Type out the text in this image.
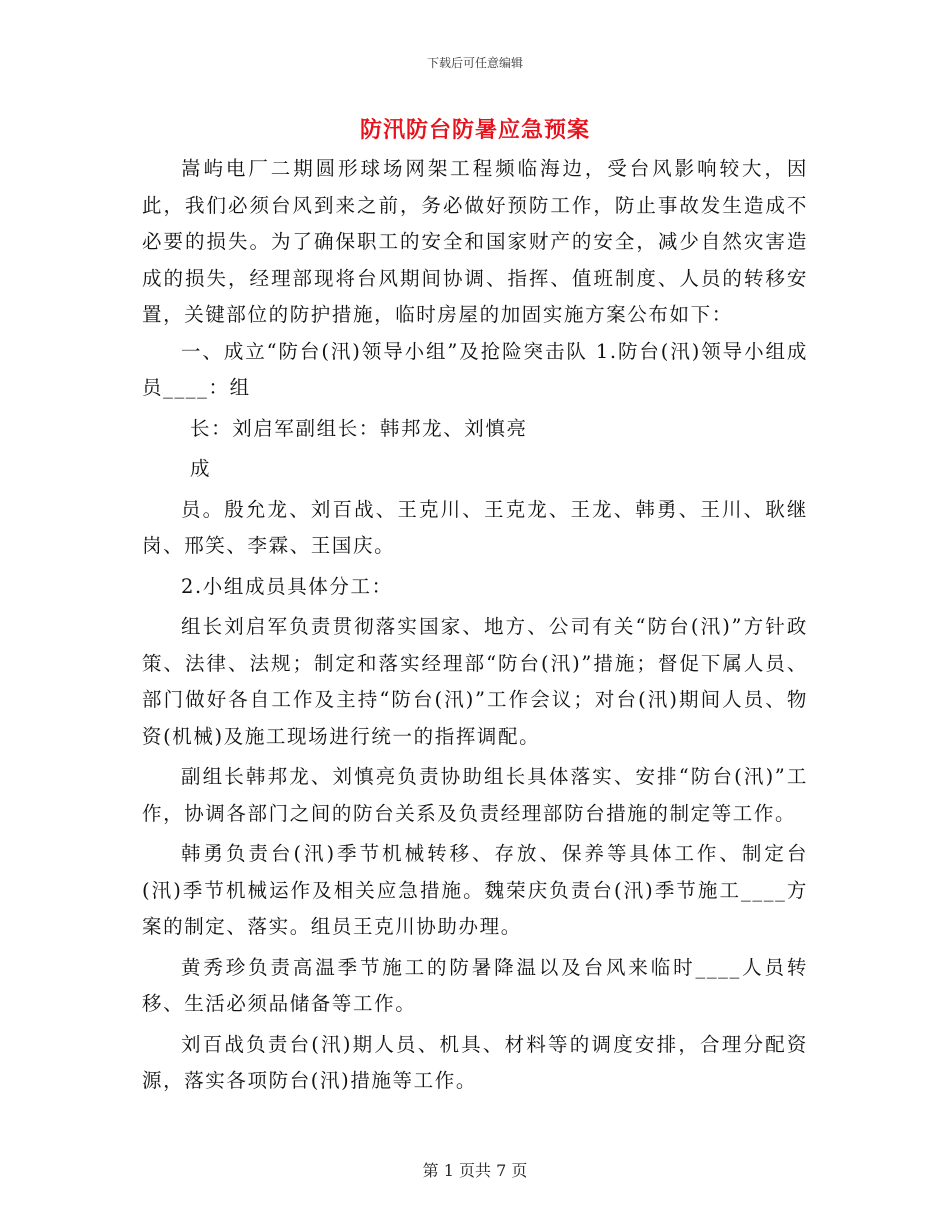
下载后可任意编辑
防汛防台防暑应急预案

嵩屿电厂二期圆形球场网架工程频临海边，受台风影响较大，因此，我们必须台风到来之前，务必做好预防工作，防止事故发生造成不必要的损失。为了确保职工的安全和国家财产的安全，减少自然灾害造成的损失，经理部现将台风期间协调、指挥、值班制度、人员的转移安置，关键部位的防护措施，临时房屋的加固实施方案公布如下：

一、成立“防台(汛)领导小组”及抢险突击队 1.防台(汛)领导小组成员____：组

长：刘启军副组长：韩邦龙、刘慎亮

成

员。殷允龙、刘百战、王克川、王克龙、王龙、韩勇、王川、耿继岗、邢笑、李霖、王国庆。

2.小组成员具体分工：

组长刘启军负责贯彻落实国家、地方、公司有关“防台(汛)”方针政策、法律、法规；制定和落实经理部“防台(汛)”措施；督促下属人员、部门做好各自工作及主持“防台(汛)”工作会议；对台(汛)期间人员、物资(机械)及施工现场进行统一的指挥调配。

副组长韩邦龙、刘慎亮负责协助组长具体落实、安排“防台(汛)”工作，协调各部门之间的防台关系及负责经理部防台措施的制定等工作。

韩勇负责台(汛)季节机械转移、存放、保养等具体工作、制定台(汛)季节机械运作及相关应急措施。魏荣庆负责台(汛)季节施工____方案的制定、落实。组员王克川协助办理。

黄秀珍负责高温季节施工的防暑降温以及台风来临时____人员转移、生活必须品储备等工作。

刘百战负责台(汛)期人员、机具、材料等的调度安排，合理分配资源，落实各项防台(汛)措施等工作。

第 1 页共 7 页
